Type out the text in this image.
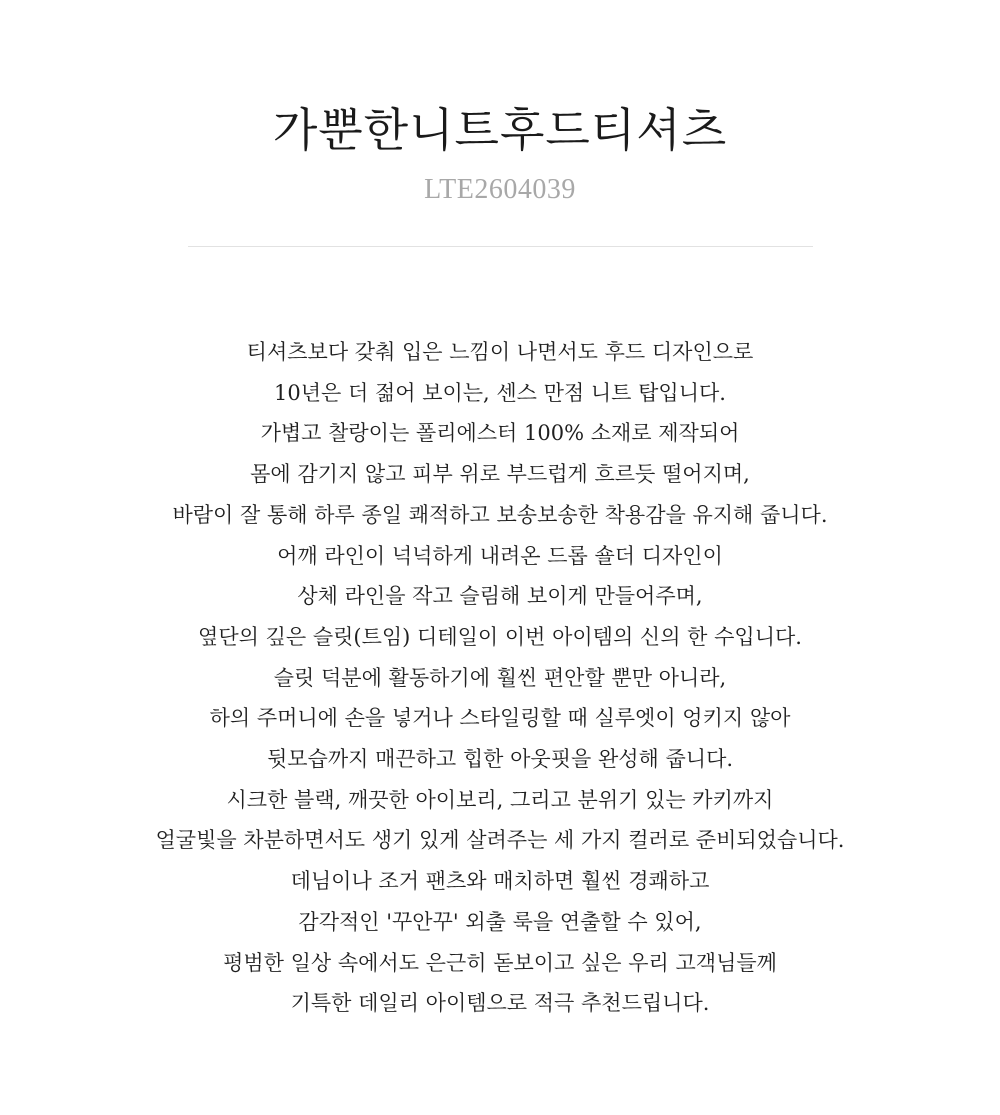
가뿐한니트후드티셔츠
LTE2604039
티셔츠보다 갖춰 입은 느낌이 나면서도 후드 디자인으로
10년은 더 젊어 보이는, 센스 만점 니트 탑입니다.
가볍고 찰랑이는 폴리에스터 100% 소재로 제작되어
몸에 감기지 않고 피부 위로 부드럽게 흐르듯 떨어지며,
바람이 잘 통해 하루 종일 쾌적하고 보송보송한 착용감을 유지해 줍니다.
어깨 라인이 넉넉하게 내려온 드롭 숄더 디자인이
상체 라인을 작고 슬림해 보이게 만들어주며,
옆단의 깊은 슬릿(트임) 디테일이 이번 아이템의 신의 한 수입니다.
슬릿 덕분에 활동하기에 훨씬 편안할 뿐만 아니라,
하의 주머니에 손을 넣거나 스타일링할 때 실루엣이 엉키지 않아
뒷모습까지 매끈하고 힙한 아웃핏을 완성해 줍니다.
시크한 블랙, 깨끗한 아이보리, 그리고 분위기 있는 카키까지
얼굴빛을 차분하면서도 생기 있게 살려주는 세 가지 컬러로 준비되었습니다.
데님이나 조거 팬츠와 매치하면 훨씬 경쾌하고
감각적인 '꾸안꾸' 외출 룩을 연출할 수 있어,
평범한 일상 속에서도 은근히 돋보이고 싶은 우리 고객님들께
기특한 데일리 아이템으로 적극 추천드립니다.
